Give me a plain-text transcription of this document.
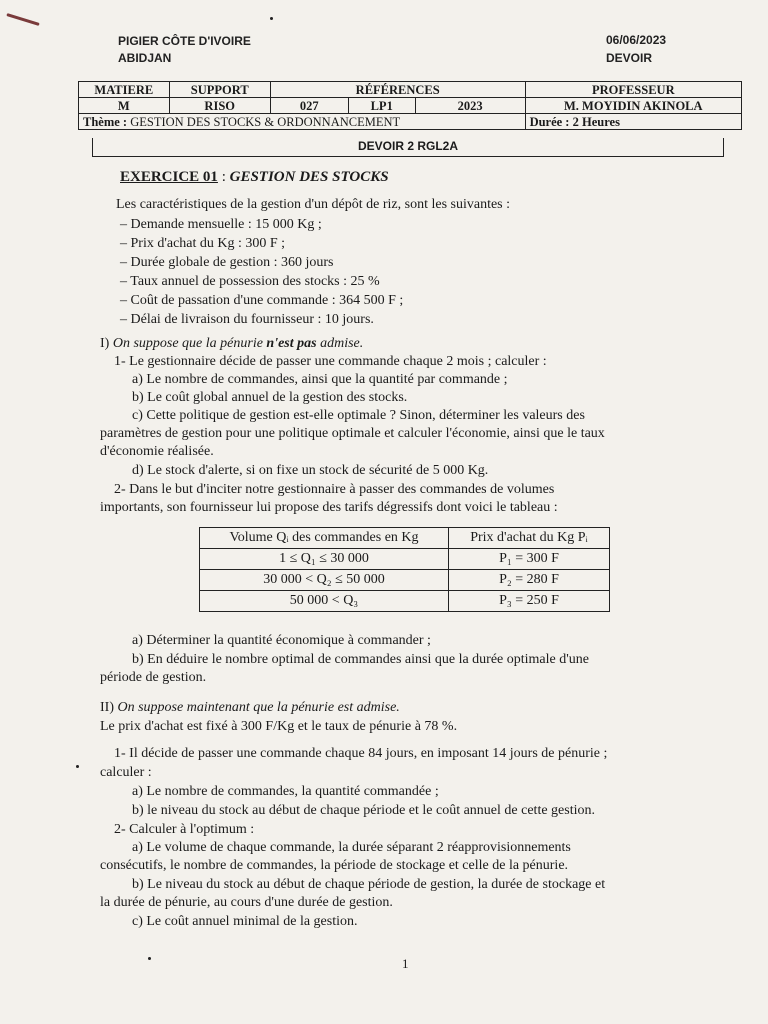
PIGIER CÔTE D'IVOIRE
ABIDJAN
06/06/2023
DEVOIR
MATIERE	SUPPORT	RÉFÉRENCES			PROFESSEUR
M	RISO	027	LP1	2023	M. MOYIDIN AKINOLA
Thème : GESTION DES STOCKS & ORDONNANCEMENT					Durée : 2 Heures
DEVOIR 2 RGL2A
EXERCICE 01 : GESTION DES STOCKS
Les caractéristiques de la gestion d'un dépôt de riz, sont les suivantes :
– Demande mensuelle : 15 000 Kg ;
– Prix d'achat du Kg : 300 F ;
– Durée globale de gestion : 360 jours
– Taux annuel de possession des stocks : 25 %
– Coût de passation d'une commande : 364 500 F ;
– Délai de livraison du fournisseur : 10 jours.
I) On suppose que la pénurie n'est pas admise.
1- Le gestionnaire décide de passer une commande chaque 2 mois ; calculer :
a) Le nombre de commandes, ainsi que la quantité par commande ;
b) Le coût global annuel de la gestion des stocks.
c) Cette politique de gestion est-elle optimale ? Sinon, déterminer les valeurs des
paramètres de gestion pour une politique optimale et calculer l'économie, ainsi que le taux
d'économie réalisée.
d) Le stock d'alerte, si on fixe un stock de sécurité de 5 000 Kg.
2- Dans le but d'inciter notre gestionnaire à passer des commandes de volumes
importants, son fournisseur lui propose des tarifs dégressifs dont voici le tableau :
Volume Qᵢ des commandes en Kg	Prix d'achat du Kg Pᵢ
1 ≤ Q₁ ≤ 30 000	P₁ = 300 F
30 000 < Q₂ ≤ 50 000	P₂ = 280 F
50 000 < Q₃	P₃ = 250 F
a) Déterminer la quantité économique à commander ;
b) En déduire le nombre optimal de commandes ainsi que la durée optimale d'une
période de gestion.
II) On suppose maintenant que la pénurie est admise.
Le prix d'achat est fixé à 300 F/Kg et le taux de pénurie à 78 %.
1- Il décide de passer une commande chaque 84 jours, en imposant 14 jours de pénurie ;
calculer :
a) Le nombre de commandes, la quantité commandée ;
b) le niveau du stock au début de chaque période et le coût annuel de cette gestion.
2- Calculer à l'optimum :
a) Le volume de chaque commande, la durée séparant 2 réapprovisionnements
consécutifs, le nombre de commandes, la période de stockage et celle de la pénurie.
b) Le niveau du stock au début de chaque période de gestion, la durée de stockage et
la durée de pénurie, au cours d'une durée de gestion.
c) Le coût annuel minimal de la gestion.
1
